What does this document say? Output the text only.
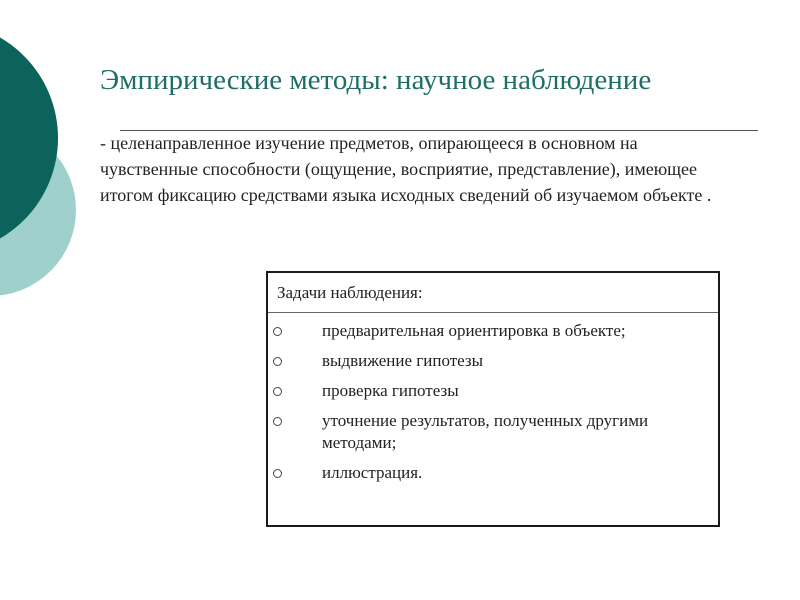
Эмпирические методы: научное наблюдение
- целенаправленное изучение предметов, опирающееся в основном на чувственные способности (ощущение, восприятие, представление), имеющее итогом фиксацию средствами языка исходных сведений об изучаемом объекте .
Задачи наблюдения:
предварительная ориентировка в объекте;
выдвижение гипотезы
проверка гипотезы
уточнение результатов, полученных другими методами;
иллюстрация.
